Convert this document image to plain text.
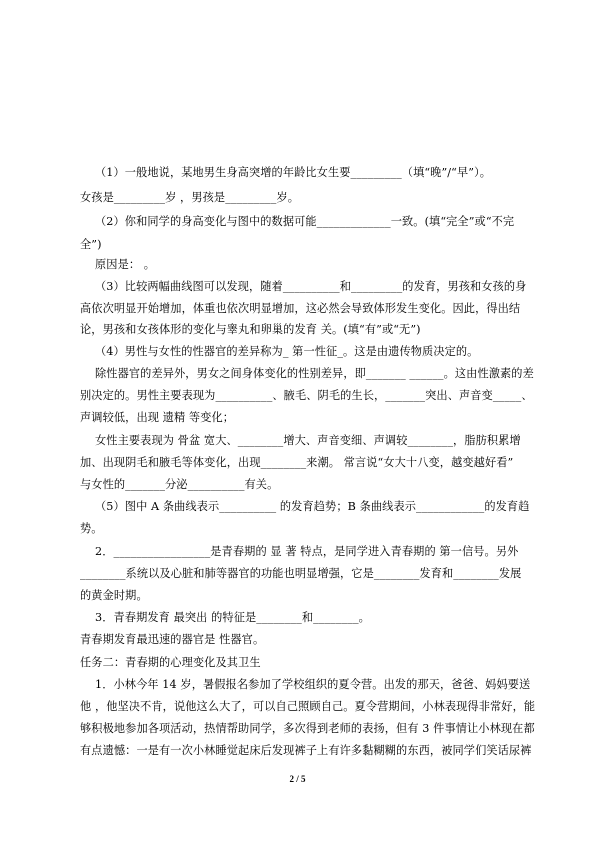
（1）一般地说，某地男生身高突增的年龄比女生要_________（填“晚”/“早”）。
女孩是_________岁 ，男孩是_________岁。
（2）你和同学的身高变化与图中的数据可能_____________一致。(填“完全”或“不完
全”)
原因是： 。
（3）比较两幅曲线图可以发现，随着__________和_________的发育，男孩和女孩的身
高依次明显开始增加，体重也依次明显增加，这必然会导致体形发生变化。因此，得出结
论，男孩和女孩体形的变化与睾丸和卵巢的发育 关。(填“有”或“无”)
（4）男性与女性的性器官的差异称为_ 第一性征_。这是由遗传物质决定的。
除性器官的差异外，男女之间身体变化的性别差异，即_______ ______。这由性激素的差
别决定的。男性主要表现为__________、腋毛、阴毛的生长，_______突出、声音变_____、
声调较低，出现 遗精 等变化；
女性主要表现为 骨盆 宽大、________增大、声音变细、声调较________，脂肪积累增
加、出现阴毛和腋毛等体变化，出现________来潮。 常言说“女大十八变，越变越好看”
与女性的_______分泌__________有关。
（5）图中 A 条曲线表示__________ 的发育趋势；B 条曲线表示____________的发育趋
势。
2．_________________是青春期的 显 著 特点，是同学进入青春期的 第一信号。另外
________系统以及心脏和肺等器官的功能也明显增强，它是________发育和________发展
的黄金时期。
3．青春期发育 最突出 的特征是________和________。
青春期发育最迅速的器官是 性器官。
任务二：青春期的心理变化及其卫生
1．小林今年 14 岁，暑假报名参加了学校组织的夏令营。出发的那天，爸爸、妈妈要送
他 ，他坚决不肯，说他这么大了，可以自己照顾自己。夏令营期间，小林表现得非常好，能
够积极地参加各项活动，热情帮助同学，多次得到老师的表扬，但有 3 件事情让小林现在都
有点遗憾：一是有一次小林睡觉起床后发现裤子上有许多黏糊糊的东西，被同学们笑话尿裤
2 / 5
